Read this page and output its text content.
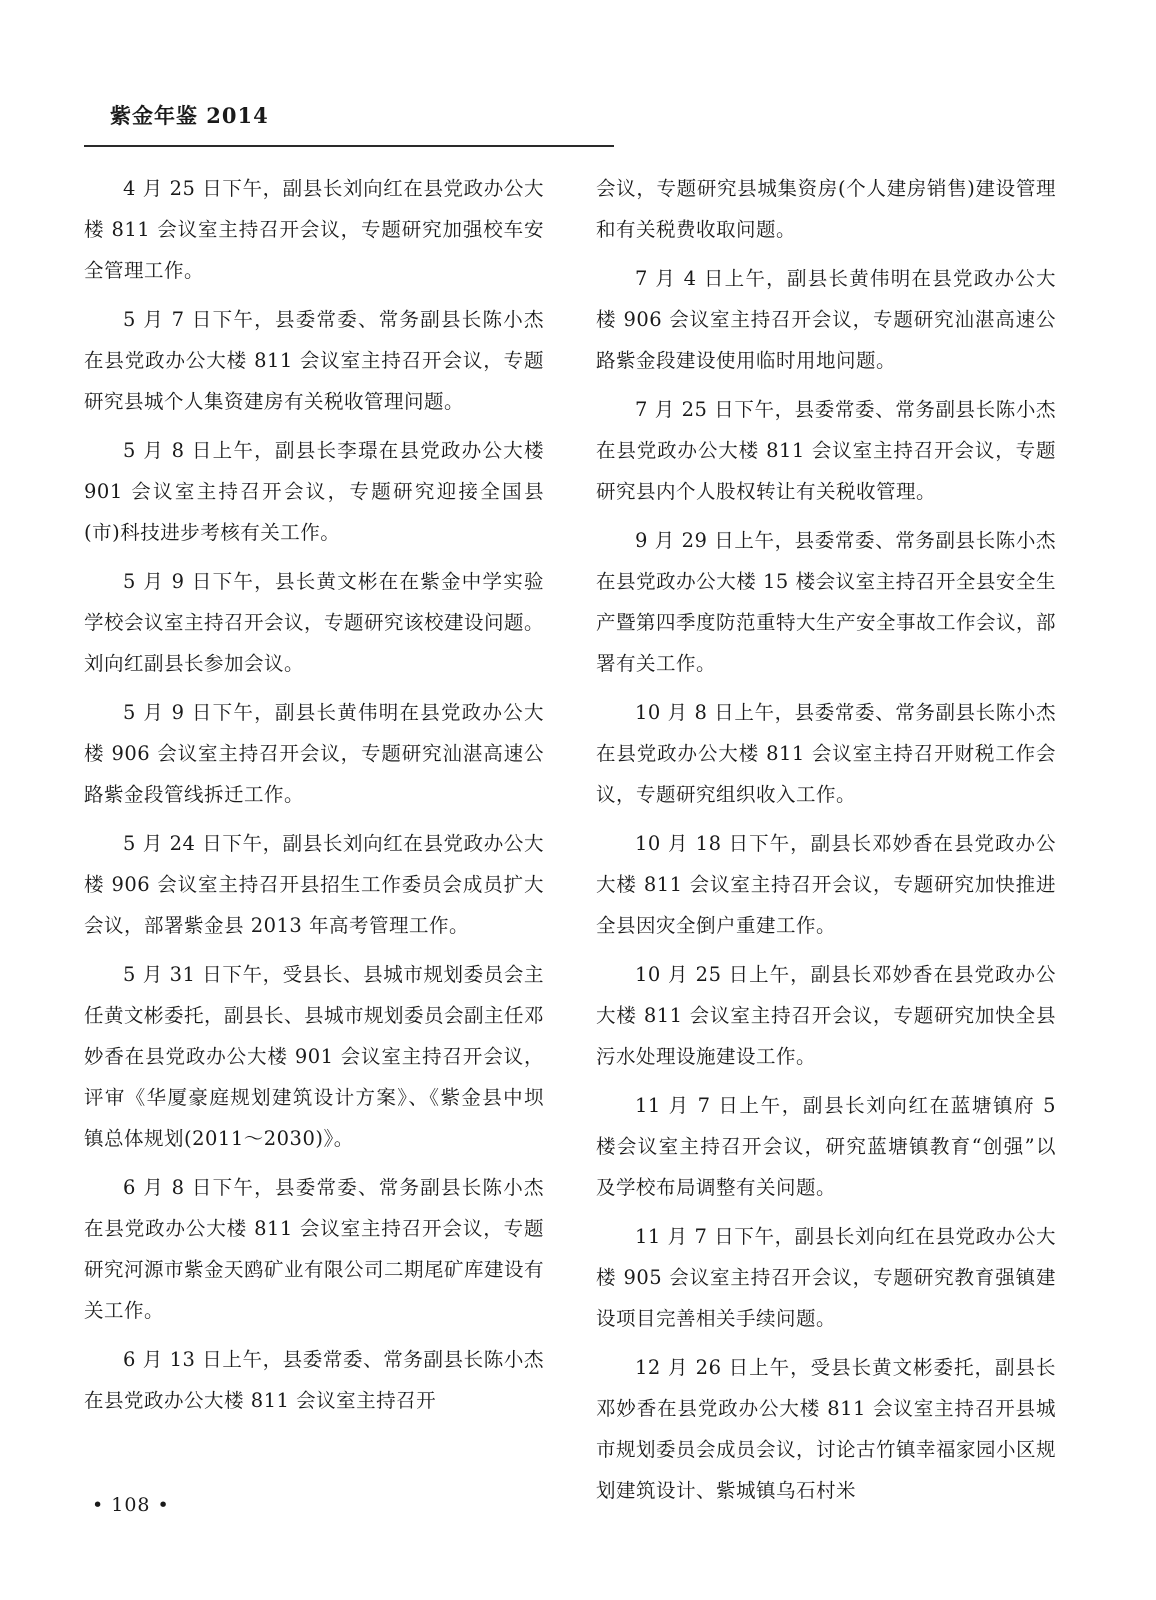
紫金年鉴 2014

4 月 25 日下午，副县长刘向红在县党政办公大楼 811 会议室主持召开会议，专题研究加强校车安全管理工作。

5 月 7 日下午，县委常委、常务副县长陈小杰在县党政办公大楼 811 会议室主持召开会议，专题研究县城个人集资建房有关税收管理问题。

5 月 8 日上午，副县长李璟在县党政办公大楼 901 会议室主持召开会议，专题研究迎接全国县(市)科技进步考核有关工作。

5 月 9 日下午，县长黄文彬在在紫金中学实验学校会议室主持召开会议，专题研究该校建设问题。刘向红副县长参加会议。

5 月 9 日下午，副县长黄伟明在县党政办公大楼 906 会议室主持召开会议，专题研究汕湛高速公路紫金段管线拆迁工作。

5 月 24 日下午，副县长刘向红在县党政办公大楼 906 会议室主持召开县招生工作委员会成员扩大会议，部署紫金县 2013 年高考管理工作。

5 月 31 日下午，受县长、县城市规划委员会主任黄文彬委托，副县长、县城市规划委员会副主任邓妙香在县党政办公大楼 901 会议室主持召开会议，评审《华厦豪庭规划建筑设计方案》、《紫金县中坝镇总体规划(2011～2030)》。

6 月 8 日下午，县委常委、常务副县长陈小杰在县党政办公大楼 811 会议室主持召开会议，专题研究河源市紫金天鸥矿业有限公司二期尾矿库建设有关工作。

6 月 13 日上午，县委常委、常务副县长陈小杰在县党政办公大楼 811 会议室主持召开

会议，专题研究县城集资房(个人建房销售)建设管理和有关税费收取问题。

7 月 4 日上午，副县长黄伟明在县党政办公大楼 906 会议室主持召开会议，专题研究汕湛高速公路紫金段建设使用临时用地问题。

7 月 25 日下午，县委常委、常务副县长陈小杰在县党政办公大楼 811 会议室主持召开会议，专题研究县内个人股权转让有关税收管理。

9 月 29 日上午，县委常委、常务副县长陈小杰在县党政办公大楼 15 楼会议室主持召开全县安全生产暨第四季度防范重特大生产安全事故工作会议，部署有关工作。

10 月 8 日上午，县委常委、常务副县长陈小杰在县党政办公大楼 811 会议室主持召开财税工作会议，专题研究组织收入工作。

10 月 18 日下午，副县长邓妙香在县党政办公大楼 811 会议室主持召开会议，专题研究加快推进全县因灾全倒户重建工作。

10 月 25 日上午，副县长邓妙香在县党政办公大楼 811 会议室主持召开会议，专题研究加快全县污水处理设施建设工作。

11 月 7 日上午，副县长刘向红在蓝塘镇府 5 楼会议室主持召开会议，研究蓝塘镇教育“创强”以及学校布局调整有关问题。

11 月 7 日下午，副县长刘向红在县党政办公大楼 905 会议室主持召开会议，专题研究教育强镇建设项目完善相关手续问题。

12 月 26 日上午，受县长黄文彬委托，副县长邓妙香在县党政办公大楼 811 会议室主持召开县城市规划委员会成员会议，讨论古竹镇幸福家园小区规划建筑设计、紫城镇乌石村米

• 108 •
